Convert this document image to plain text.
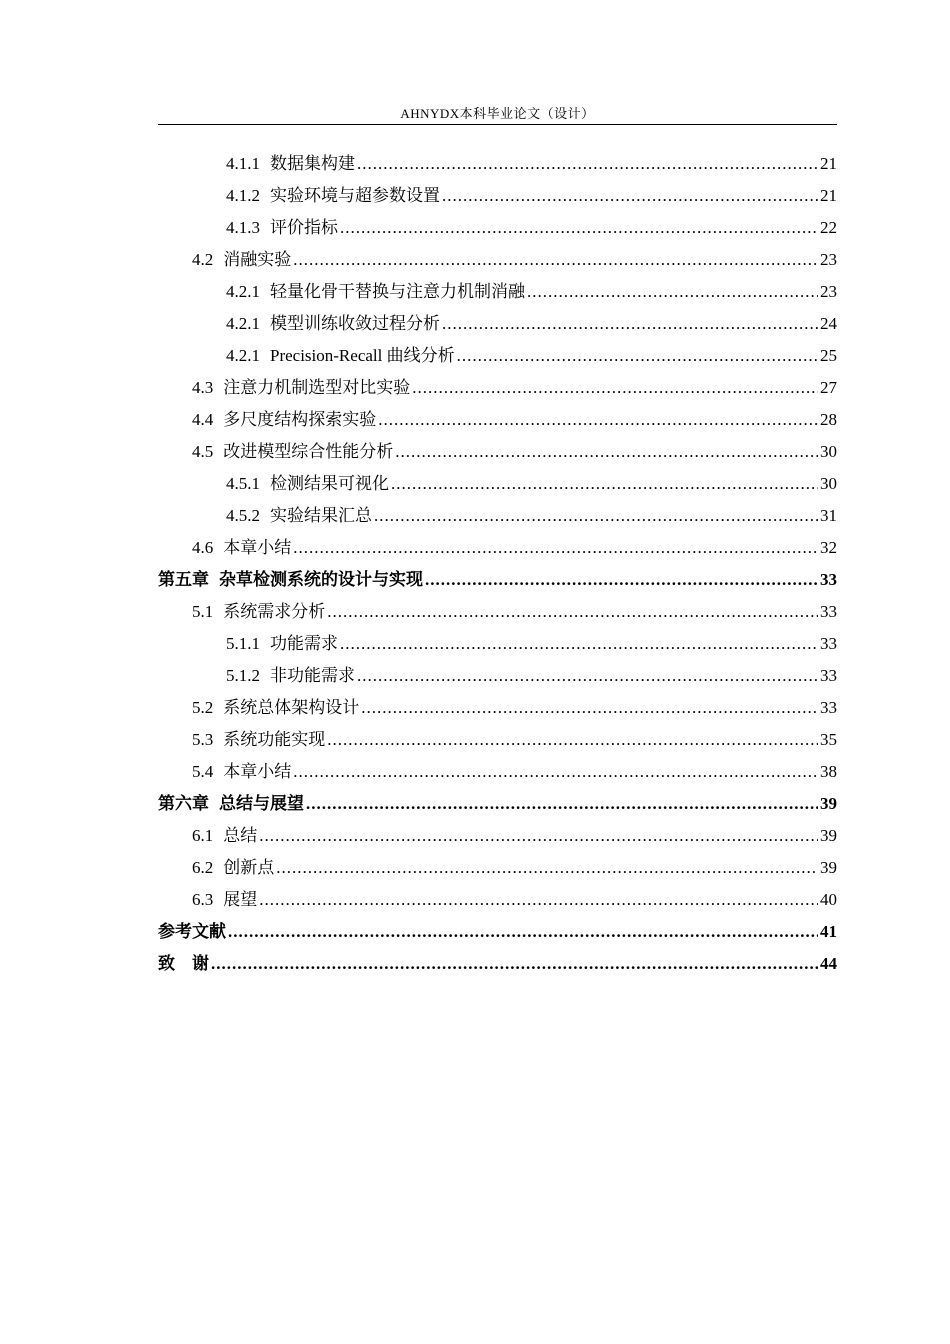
AHNYDX本科毕业论文（设计）
4.1.1 数据集构建 .....	21
4.1.2 实验环境与超参数设置 .....	21
4.1.3 评价指标 .....	22
4.2 消融实验 .....	23
4.2.1 轻量化骨干替换与注意力机制消融 .....	23
4.2.1 模型训练收敛过程分析 .....	24
4.2.1 Precision-Recall 曲线分析 .....	25
4.3 注意力机制选型对比实验 .....	27
4.4 多尺度结构探索实验 .....	28
4.5 改进模型综合性能分析 .....	30
4.5.1 检测结果可视化 .....	30
4.5.2 实验结果汇总 .....	31
4.6 本章小结 .....	32
第五章 杂草检测系统的设计与实现 .....	33
5.1 系统需求分析 .....	33
5.1.1 功能需求 .....	33
5.1.2 非功能需求 .....	33
5.2 系统总体架构设计 .....	33
5.3 系统功能实现 .....	35
5.4 本章小结 .....	38
第六章 总结与展望 .....	39
6.1 总结 .....	39
6.2 创新点 .....	39
6.3 展望 .....	40
参考文献 .....	41
致　谢 .....	44
